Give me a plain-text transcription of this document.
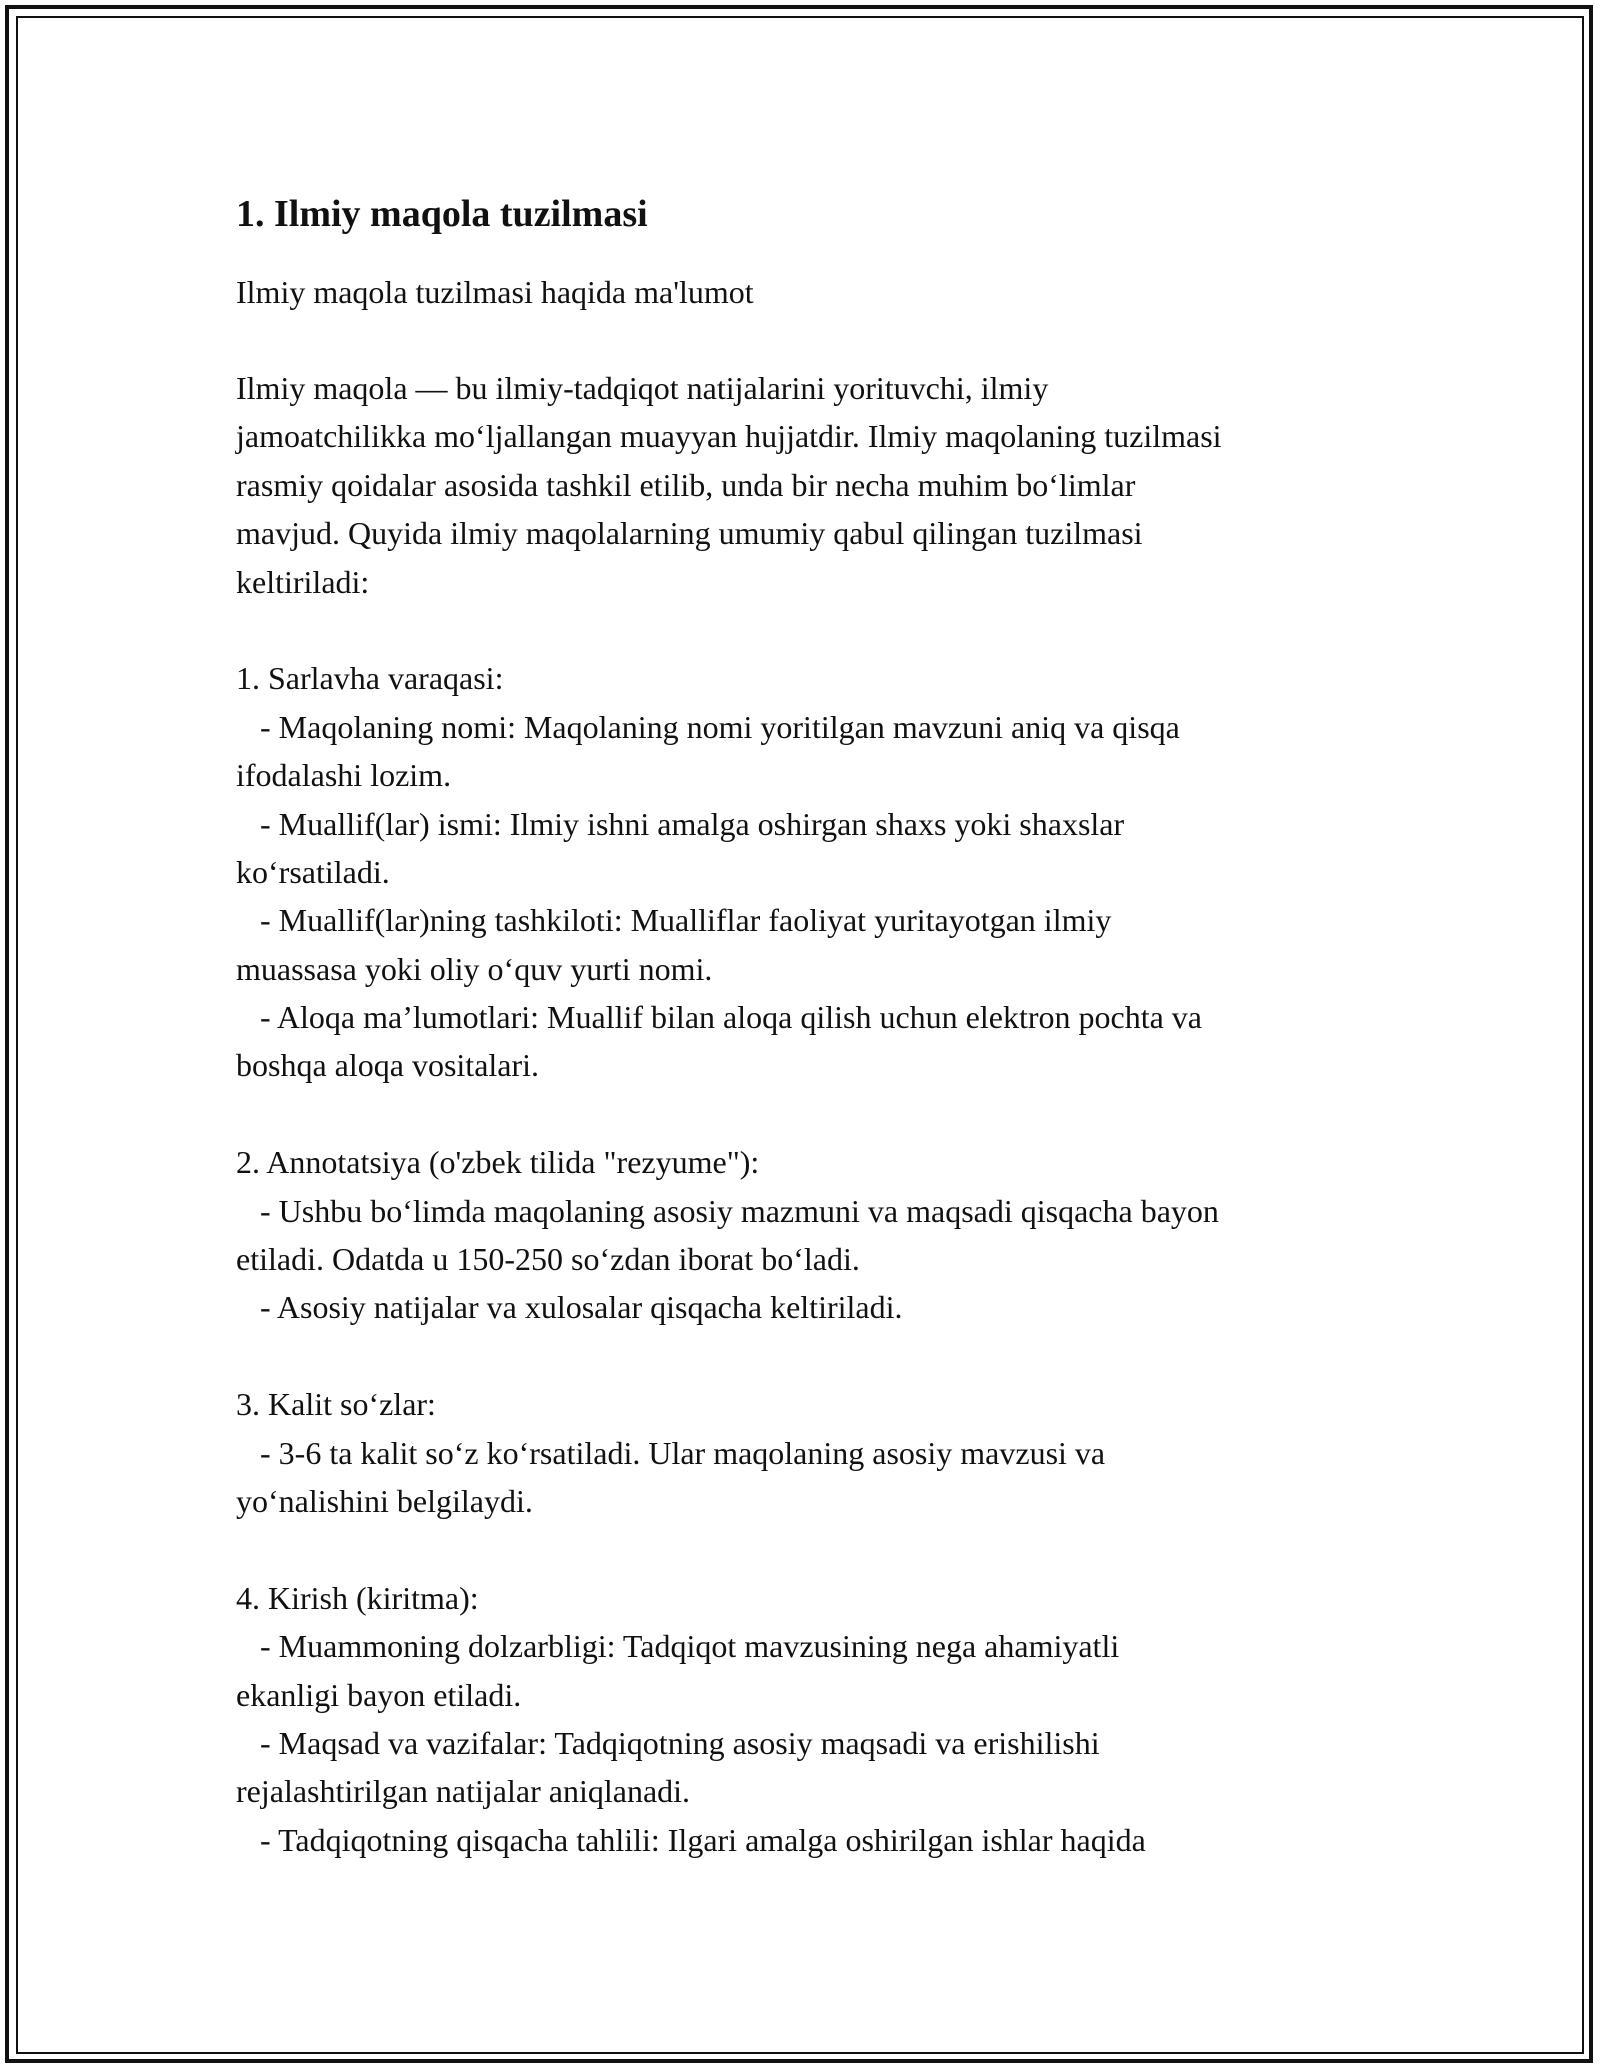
1. Ilmiy maqola tuzilmasi
Ilmiy maqola tuzilmasi haqida ma'lumot
Ilmiy maqola — bu ilmiy-tadqiqot natijalarini yorituvchi, ilmiy
jamoatchilikka mo‘ljallangan muayyan hujjatdir. Ilmiy maqolaning tuzilmasi
rasmiy qoidalar asosida tashkil etilib, unda bir necha muhim bo‘limlar
mavjud. Quyida ilmiy maqolalarning umumiy qabul qilingan tuzilmasi
keltiriladi:
1. Sarlavha varaqasi:
- Maqolaning nomi: Maqolaning nomi yoritilgan mavzuni aniq va qisqa
ifodalashi lozim.
- Muallif(lar) ismi: Ilmiy ishni amalga oshirgan shaxs yoki shaxslar
ko‘rsatiladi.
- Muallif(lar)ning tashkiloti: Mualliflar faoliyat yuritayotgan ilmiy
muassasa yoki oliy o‘quv yurti nomi.
- Aloqa ma’lumotlari: Muallif bilan aloqa qilish uchun elektron pochta va
boshqa aloqa vositalari.
2. Annotatsiya (o'zbek tilida "rezyume"):
- Ushbu bo‘limda maqolaning asosiy mazmuni va maqsadi qisqacha bayon
etiladi. Odatda u 150-250 so‘zdan iborat bo‘ladi.
- Asosiy natijalar va xulosalar qisqacha keltiriladi.
3. Kalit so‘zlar:
- 3-6 ta kalit so‘z ko‘rsatiladi. Ular maqolaning asosiy mavzusi va
yo‘nalishini belgilaydi.
4. Kirish (kiritma):
- Muammoning dolzarbligi: Tadqiqot mavzusining nega ahamiyatli
ekanligi bayon etiladi.
- Maqsad va vazifalar: Tadqiqotning asosiy maqsadi va erishilishi
rejalashtirilgan natijalar aniqlanadi.
- Tadqiqotning qisqacha tahlili: Ilgari amalga oshirilgan ishlar haqida
